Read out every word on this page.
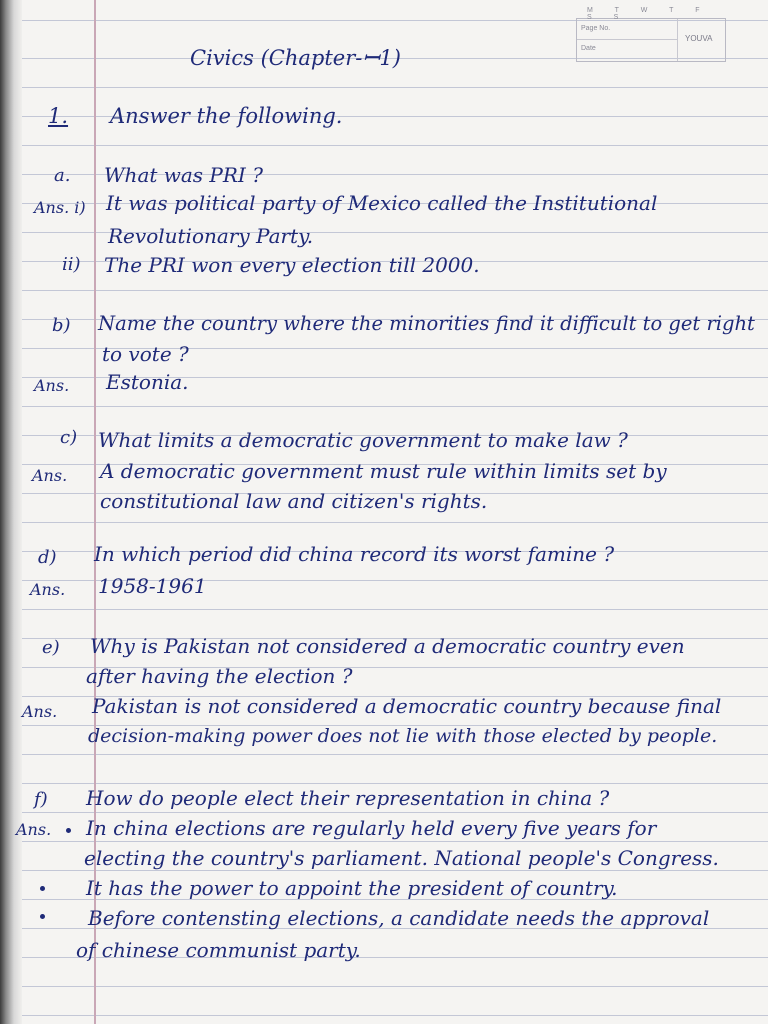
M T W T F S S
Page No.
Date
YOUVA
Civics (Chapter-ꟷ1)
1. Answer the following.
a. What was PRI ?
Ans. i) It was political party of Mexico called the Institutional
Revolutionary Party.
ii) The PRI won every election till 2000.
b) Name the country where the minorities find it difficult to get right
to vote ?
Ans. Estonia.
c) What limits a democratic government to make law ?
Ans. A democratic government must rule within limits set by
constitutional law and citizen's rights.
d) In which period did china record its worst famine ?
Ans. 1958-1961
e) Why is Pakistan not considered a democratic country even
after having the election ?
Ans. Pakistan is not considered a democratic country because final
decision-making power does not lie with those elected by people.
f) How do people elect their representation in china ?
Ans. In china elections are regularly held every five years for
electing the country's parliament. National people's Congress.
It has the power to appoint the president of country.
Before contensting elections, a candidate needs the approval
of chinese communist party.
